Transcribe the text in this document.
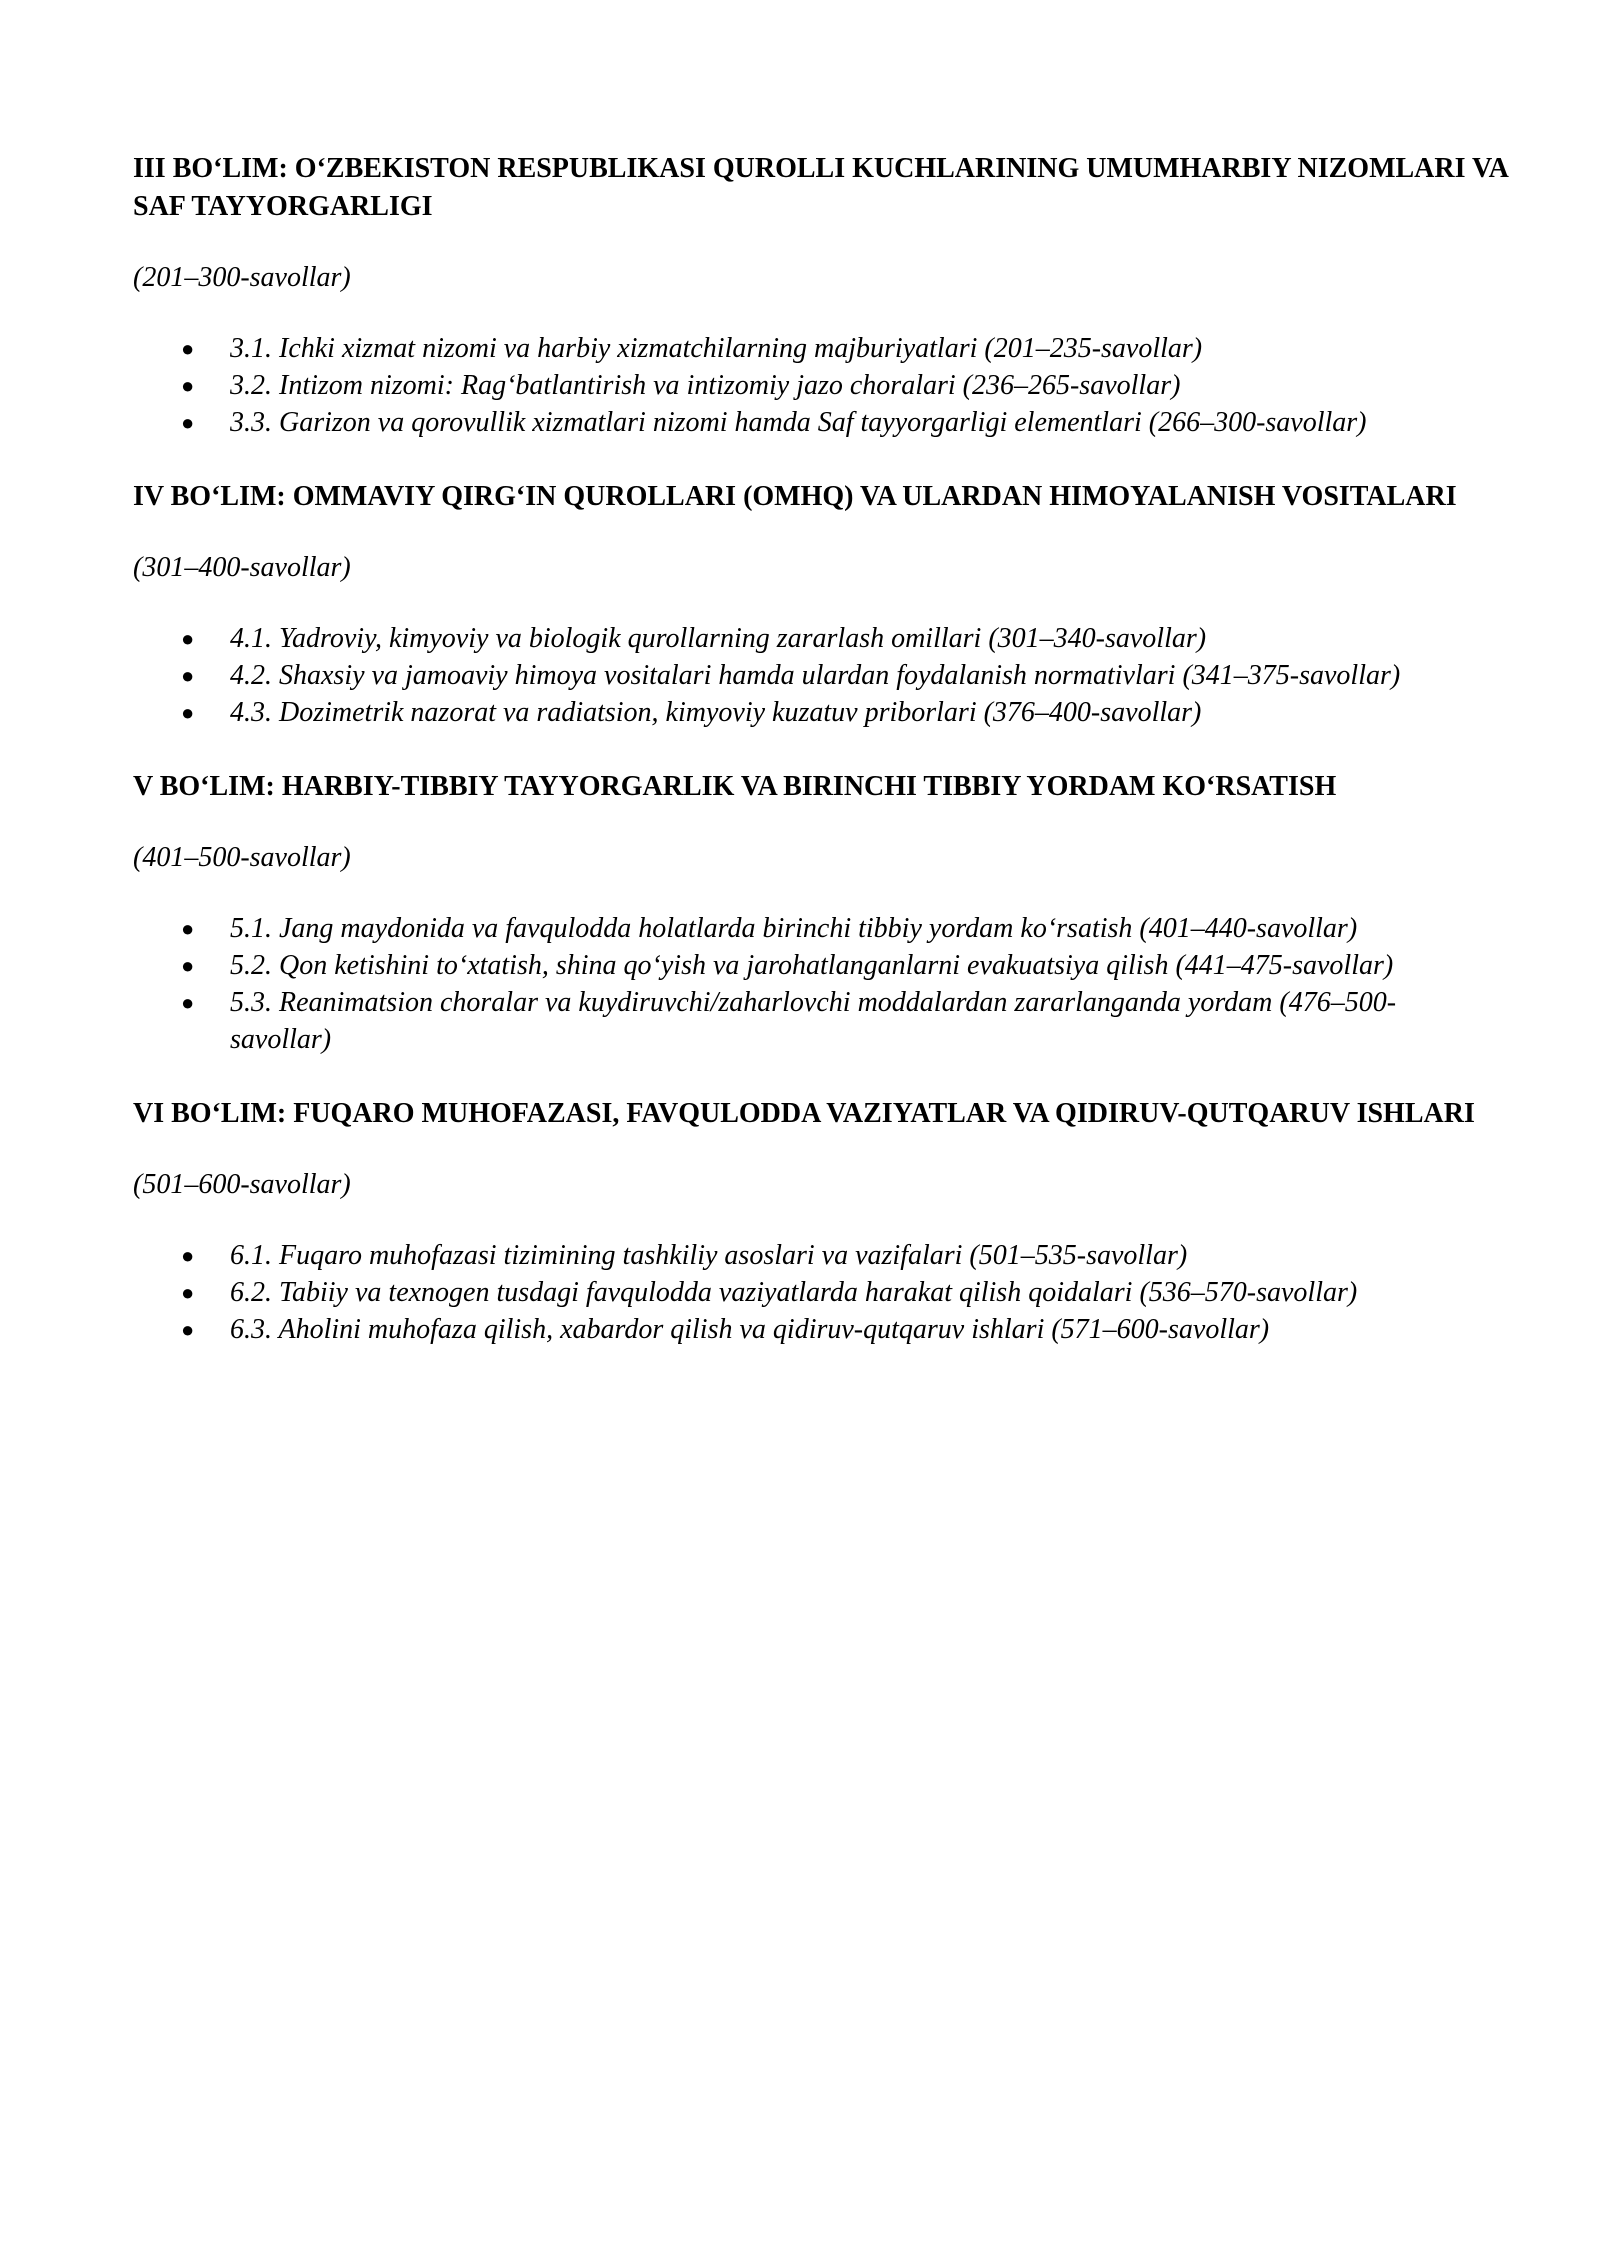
III BO‘LIM: O‘ZBEKISTON RESPUBLIKASI QUROLLI KUCHLARINING UMUMHARBIY NIZOMLARI VA SAF TAYYORGARLIGI

(201–300-savollar)

● 3.1. Ichki xizmat nizomi va harbiy xizmatchilarning majburiyatlari (201–235-savollar)
● 3.2. Intizom nizomi: Rag‘batlantirish va intizomiy jazo choralari (236–265-savollar)
● 3.3. Garizon va qorovullik xizmatlari nizomi hamda Saf tayyorgarligi elementlari (266–300-savollar)

IV BO‘LIM: OMMAVIY QIRG‘IN QUROLLARI (OMHQ) VA ULARDAN HIMOYALANISH VOSITALARI

(301–400-savollar)

● 4.1. Yadroviy, kimyoviy va biologik qurollarning zararlash omillari (301–340-savollar)
● 4.2. Shaxsiy va jamoaviy himoya vositalari hamda ulardan foydalanish normativlari (341–375-savollar)
● 4.3. Dozimetrik nazorat va radiatsion, kimyoviy kuzatuv priborlari (376–400-savollar)

V BO‘LIM: HARBIY-TIBBIY TAYYORGARLIK VA BIRINCHI TIBBIY YORDAM KO‘RSATISH

(401–500-savollar)

● 5.1. Jang maydonida va favqulodda holatlarda birinchi tibbiy yordam ko‘rsatish (401–440-savollar)
● 5.2. Qon ketishini to‘xtatish, shina qo‘yish va jarohatlanganlarni evakuatsiya qilish (441–475-savollar)
● 5.3. Reanimatsion choralar va kuydiruvchi/zaharlovchi moddalardan zararlanganda yordam (476–500-savollar)

VI BO‘LIM: FUQARO MUHOFAZASI, FAVQULODDA VAZIYATLAR VA QIDIRUV-QUTQARUV ISHLARI

(501–600-savollar)

● 6.1. Fuqaro muhofazasi tizimining tashkiliy asoslari va vazifalari (501–535-savollar)
● 6.2. Tabiiy va texnogen tusdagi favqulodda vaziyatlarda harakat qilish qoidalari (536–570-savollar)
● 6.3. Aholini muhofaza qilish, xabardor qilish va qidiruv-qutqaruv ishlari (571–600-savollar)
